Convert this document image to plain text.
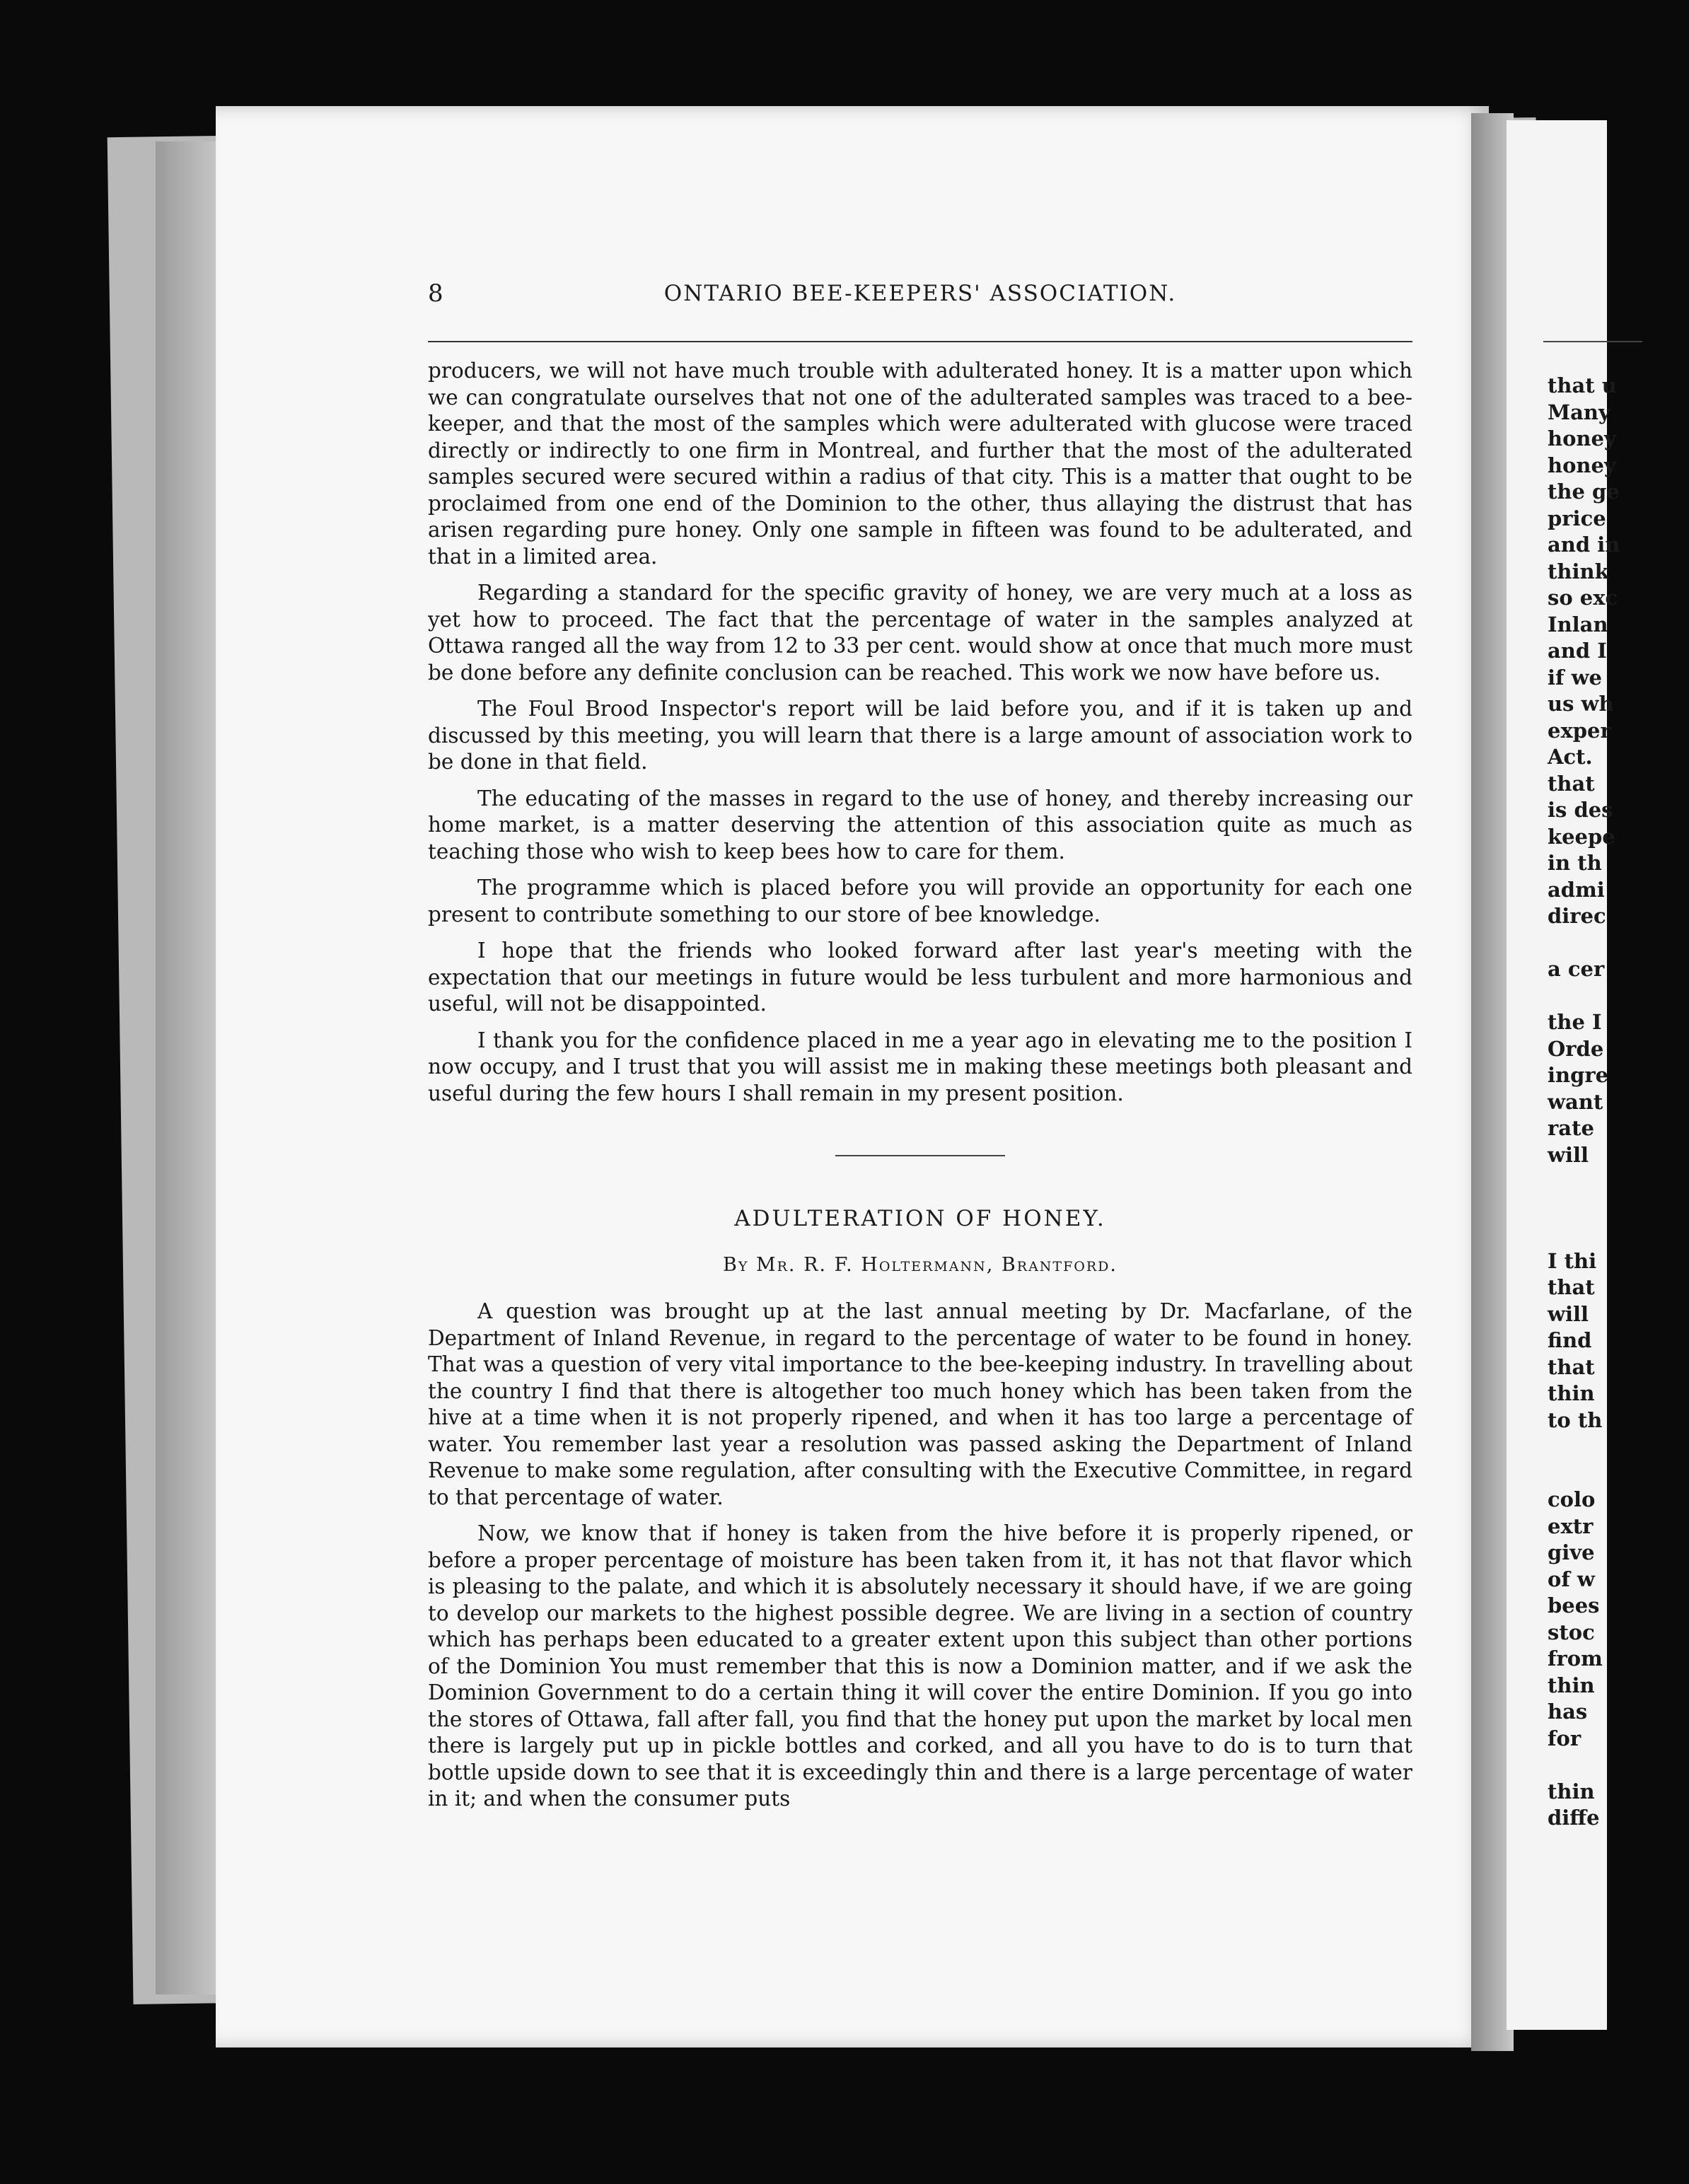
8	ONTARIO BEE-KEEPERS' ASSOCIATION.

producers, we will not have much trouble with adulterated honey. It is a matter upon which we can congratulate ourselves that not one of the adulterated samples was traced to a bee-keeper, and that the most of the samples which were adulterated with glucose were traced directly or indirectly to one firm in Montreal, and further that the most of the adulterated samples secured were secured within a radius of that city. This is a matter that ought to be proclaimed from one end of the Dominion to the other, thus allaying the distrust that has arisen regarding pure honey. Only one sample in fifteen was found to be adulterated, and that in a limited area.

Regarding a standard for the specific gravity of honey, we are very much at a loss as yet how to proceed. The fact that the percentage of water in the samples analyzed at Ottawa ranged all the way from 12 to 33 per cent. would show at once that much more must be done before any definite conclusion can be reached. This work we now have before us.

The Foul Brood Inspector's report will be laid before you, and if it is taken up and discussed by this meeting, you will learn that there is a large amount of association work to be done in that field.

The educating of the masses in regard to the use of honey, and thereby increasing our home market, is a matter deserving the attention of this association quite as much as teaching those who wish to keep bees how to care for them.

The programme which is placed before you will provide an opportunity for each one present to contribute something to our store of bee knowledge.

I hope that the friends who looked forward after last year's meeting with the expectation that our meetings in future would be less turbulent and more harmonious and useful, will not be disappointed.

I thank you for the confidence placed in me a year ago in elevating me to the position I now occupy, and I trust that you will assist me in making these meetings both pleasant and useful during the few hours I shall remain in my present position.

ADULTERATION OF HONEY.
By Mr. R. F. Holtermann, Brantford.

A question was brought up at the last annual meeting by Dr. Macfarlane, of the Department of Inland Revenue, in regard to the percentage of water to be found in honey. That was a question of very vital importance to the bee-keeping industry. In travelling about the country I find that there is altogether too much honey which has been taken from the hive at a time when it is not properly ripened, and when it has too large a percentage of water. You remember last year a resolution was passed asking the Department of Inland Revenue to make some regulation, after consulting with the Executive Committee, in regard to that percentage of water.

Now, we know that if honey is taken from the hive before it is properly ripened, or before a proper percentage of moisture has been taken from it, it has not that flavor which is pleasing to the palate, and which it is absolutely necessary it should have, if we are going to develop our markets to the highest possible degree. We are living in a section of country which has perhaps been educated to a greater extent upon this subject than other portions of the Dominion You must remember that this is now a Dominion matter, and if we ask the Dominion Government to do a certain thing it will cover the entire Dominion. If you go into the stores of Ottawa, fall after fall, you find that the honey put upon the market by local men there is largely put up in pickle bottles and corked, and all you have to do is to turn that bottle upside down to see that it is exceedingly thin and there is a large percentage of water in it; and when the consumer puts

that u
Many
honey
honey
the ge
price
and in
think
so exc
Inlan
and I
if we
us wh
exper
Act.
that
is des
keepe
in th
admi
direc
a cer
the I
Orde
ingre
want
rate
will
I thi
that
will
find
that
thin
to th
colo
extr
give
of w
bees
stoc
from
thin
has
for
thin
diffe
